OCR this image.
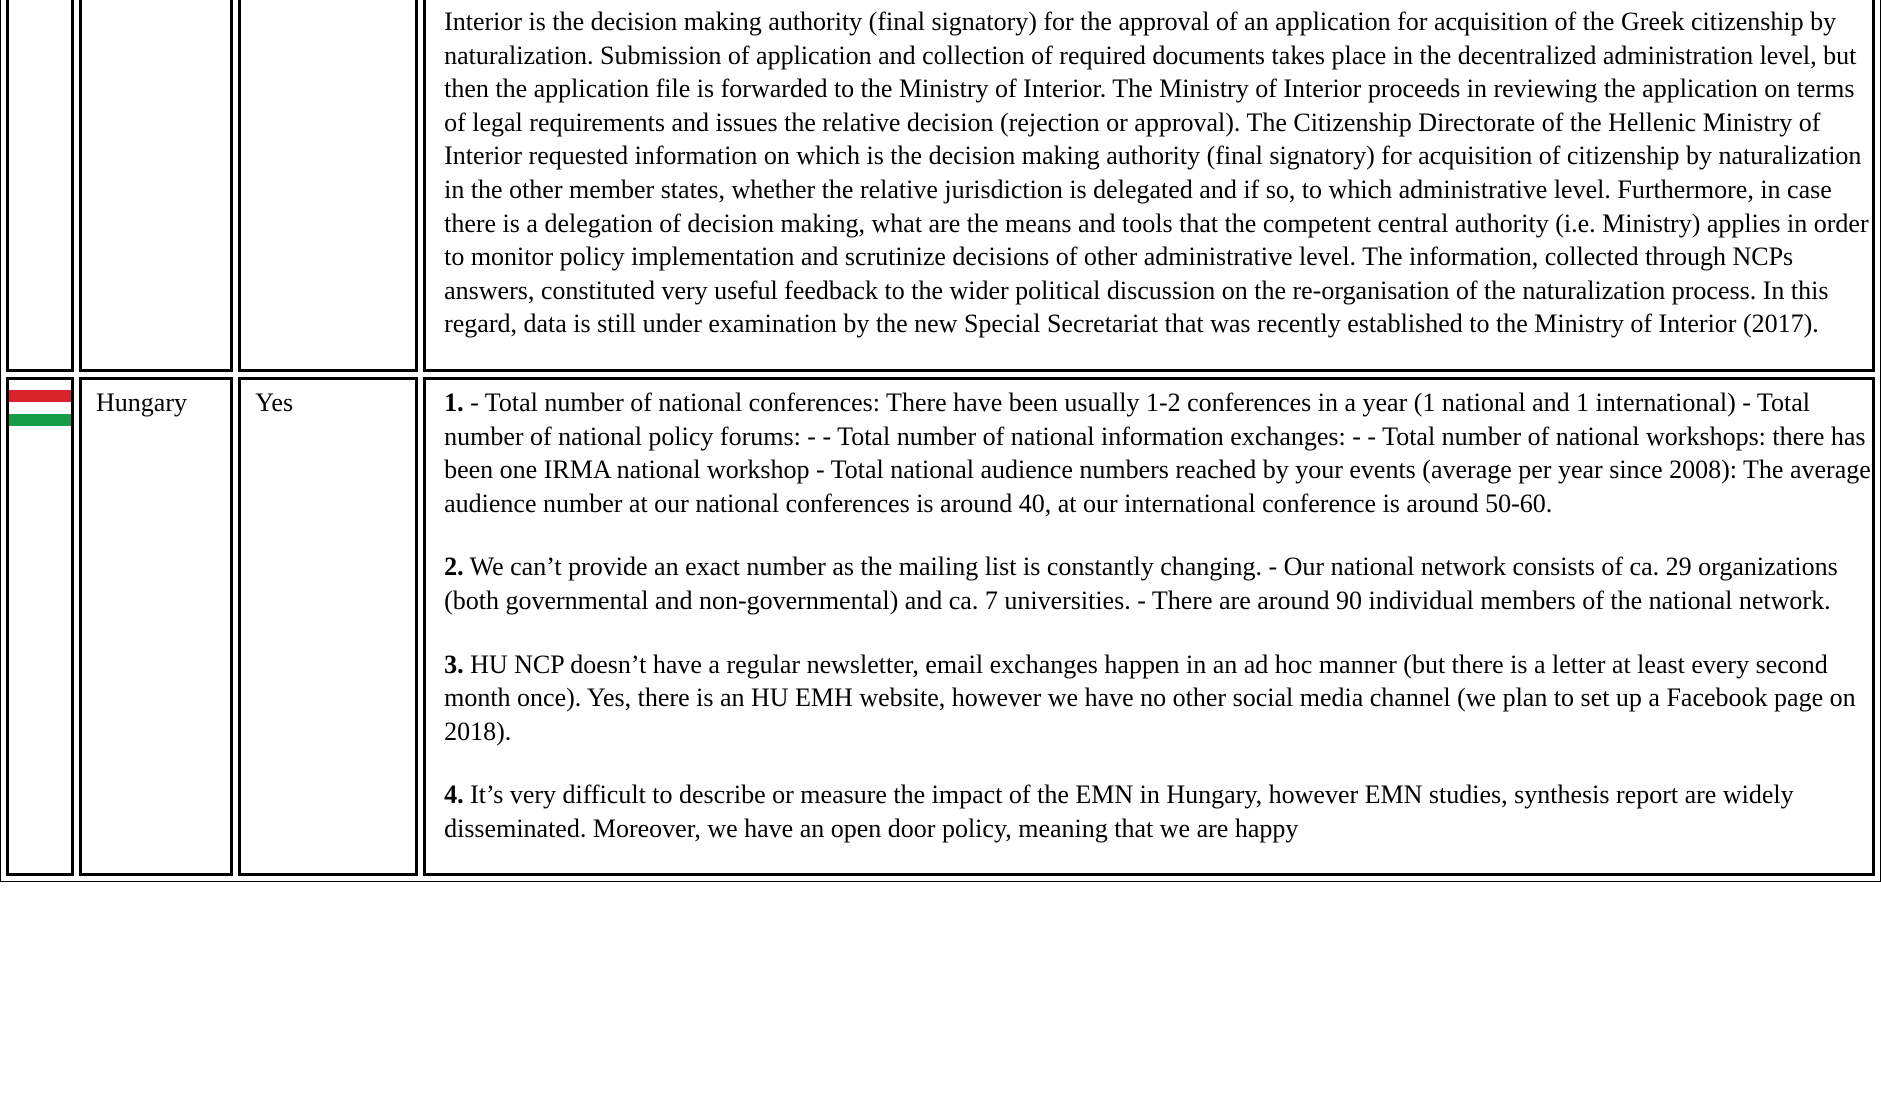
			Interior is the decision making authority (final signatory) for the approval of an application for acquisition of the Greek citizenship by naturalization. Submission of application and collection of required documents takes place in the decentralized administration level, but then the application file is forwarded to the Ministry of Interior. The Ministry of Interior proceeds in reviewing the application on terms of legal requirements and issues the relative decision (rejection or approval). The Citizenship Directorate of the Hellenic Ministry of Interior requested information on which is the decision making authority (final signatory) for acquisition of citizenship by naturalization in the other member states, whether the relative jurisdiction is delegated and if so, to which administrative level. Furthermore, in case there is a delegation of decision making, what are the means and tools that the competent central authority (i.e. Ministry) applies in order to monitor policy implementation and scrutinize decisions of other administrative level. The information, collected through NCPs answers, constituted very useful feedback to the wider political discussion on the re-organisation of the naturalization process. In this regard, data is still under examination by the new Special Secretariat that was recently established to the Ministry of Interior (2017).

	Hungary	Yes	1. - Total number of national conferences: There have been usually 1-2 conferences in a year (1 national and 1 international) - Total number of national policy forums: - - Total number of national information exchanges: - - Total number of national workshops: there has been one IRMA national workshop - Total national audience numbers reached by your events (average per year since 2008): The average audience number at our national conferences is around 40, at our international conference is around 50-60.

2. We can’t provide an exact number as the mailing list is constantly changing. - Our national network consists of ca. 29 organizations (both governmental and non-governmental) and ca. 7 universities. - There are around 90 individual members of the national network.

3. HU NCP doesn’t have a regular newsletter, email exchanges happen in an ad hoc manner (but there is a letter at least every second month once). Yes, there is an HU EMH website, however we have no other social media channel (we plan to set up a Facebook page on 2018).

4. It’s very difficult to describe or measure the impact of the EMN in Hungary, however EMN studies, synthesis report are widely disseminated. Moreover, we have an open door policy, meaning that we are happy
